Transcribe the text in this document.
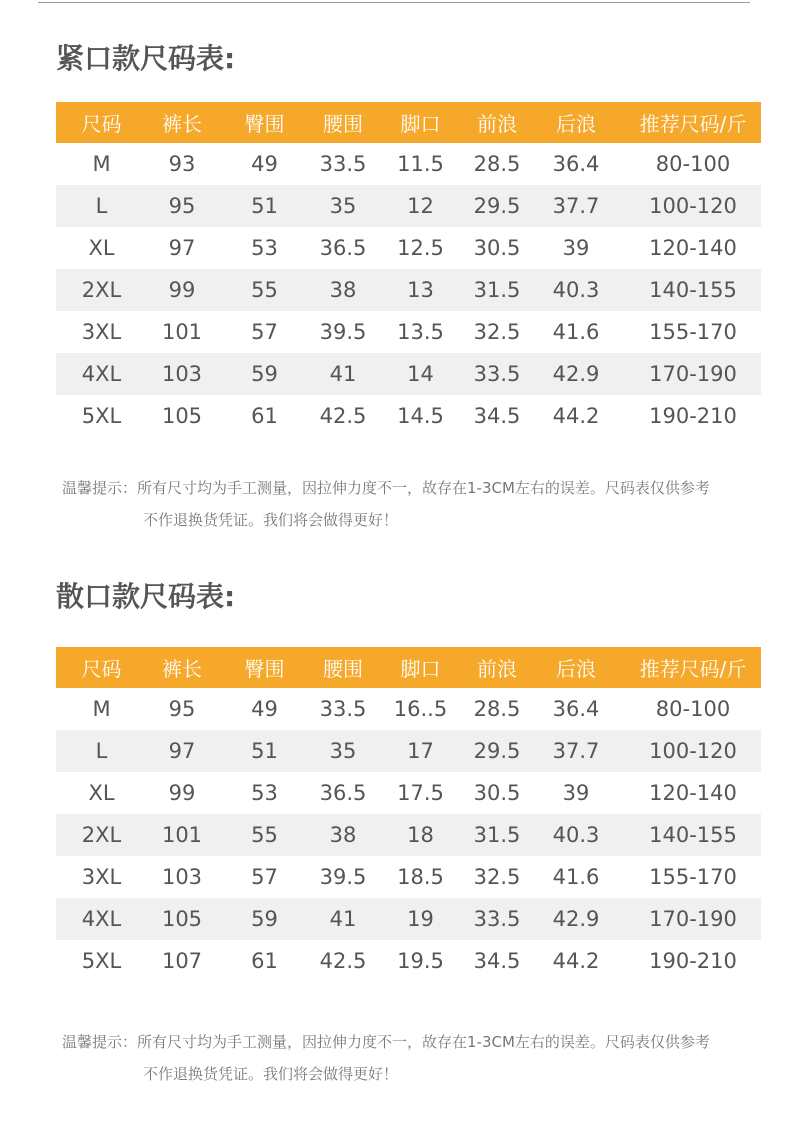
紧口款尺码表:
尺码	裤长	臀围	腰围	脚口	前浪	后浪	推荐尺码/斤
M	93	49	33.5	11.5	28.5	36.4	80-100
L	95	51	35	12	29.5	37.7	100-120
XL	97	53	36.5	12.5	30.5	39	120-140
2XL	99	55	38	13	31.5	40.3	140-155
3XL	101	57	39.5	13.5	32.5	41.6	155-170
4XL	103	59	41	14	33.5	42.9	170-190
5XL	105	61	42.5	14.5	34.5	44.2	190-210
温馨提示：所有尺寸均为手工测量，因拉伸力度不一，故存在1-3CM左右的误差。尺码表仅供参考
不作退换货凭证。我们将会做得更好！
散口款尺码表:
尺码	裤长	臀围	腰围	脚口	前浪	后浪	推荐尺码/斤
M	95	49	33.5	16..5	28.5	36.4	80-100
L	97	51	35	17	29.5	37.7	100-120
XL	99	53	36.5	17.5	30.5	39	120-140
2XL	101	55	38	18	31.5	40.3	140-155
3XL	103	57	39.5	18.5	32.5	41.6	155-170
4XL	105	59	41	19	33.5	42.9	170-190
5XL	107	61	42.5	19.5	34.5	44.2	190-210
温馨提示：所有尺寸均为手工测量，因拉伸力度不一，故存在1-3CM左右的误差。尺码表仅供参考
不作退换货凭证。我们将会做得更好！
